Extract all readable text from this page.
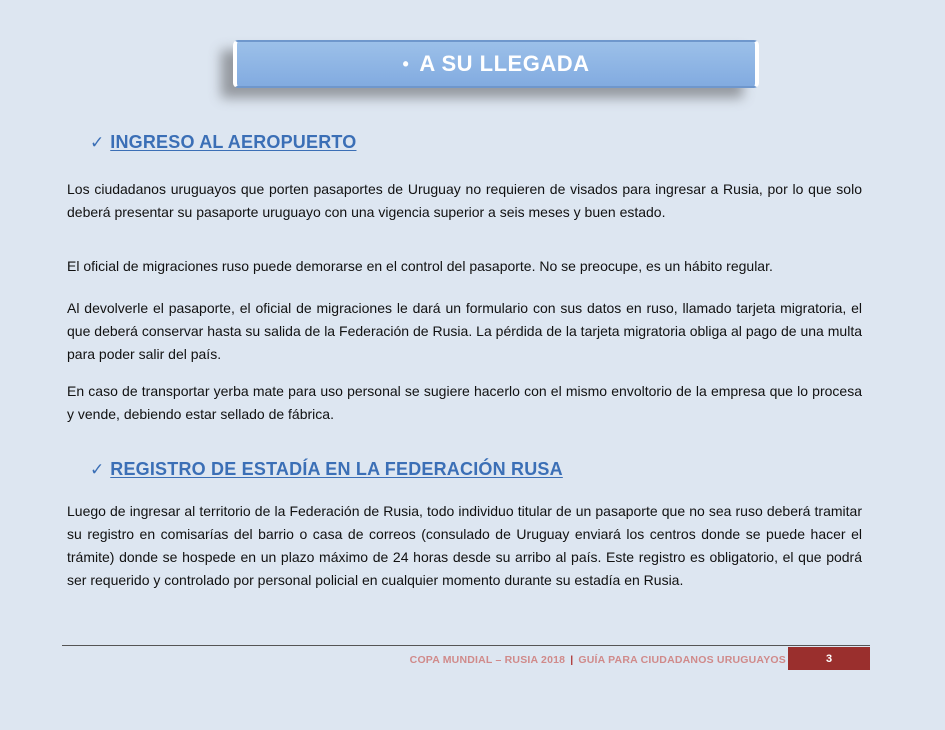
• A SU LLEGADA
✓ INGRESO AL AEROPUERTO

Los ciudadanos uruguayos que porten pasaportes de Uruguay no requieren de visados para ingresar a Rusia, por lo que solo deberá presentar su pasaporte uruguayo con una vigencia superior a seis meses y buen estado.

El oficial de migraciones ruso puede demorarse en el control del pasaporte. No se preocupe, es un hábito regular.

Al devolverle el pasaporte, el oficial de migraciones le dará un formulario con sus datos en ruso, llamado tarjeta migratoria, el que deberá conservar hasta su salida de la Federación de Rusia. La pérdida de la tarjeta migratoria obliga al pago de una multa para poder salir del país.

En caso de transportar yerba mate para uso personal se sugiere hacerlo con el mismo envoltorio de la empresa que lo procesa y vende, debiendo estar sellado de fábrica.

✓ REGISTRO DE ESTADÍA EN LA FEDERACIÓN RUSA

Luego de ingresar al territorio de la Federación de Rusia, todo individuo titular de un pasaporte que no sea ruso deberá tramitar su registro en comisarías del barrio o casa de correos (consulado de Uruguay enviará los centros donde se puede hacer el trámite) donde se hospede en un plazo máximo de 24 horas desde su arribo al país. Este registro es obligatorio, el que podrá ser requerido y controlado por personal policial en cualquier momento durante su estadía en Rusia.

COPA MUNDIAL – RUSIA 2018 | GUÍA PARA CIUDADANOS URUGUAYOS	3
